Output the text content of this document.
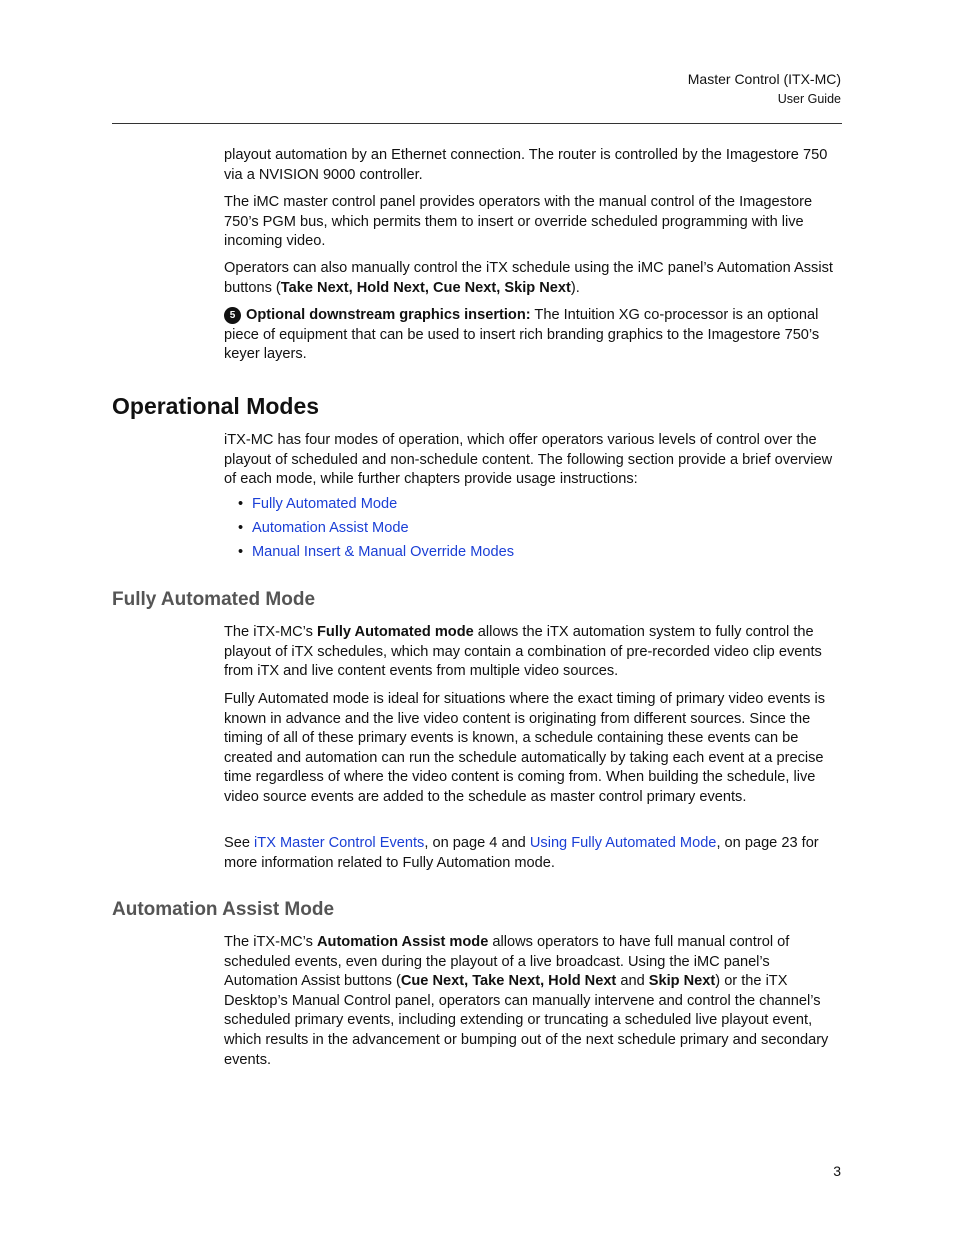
Master Control (ITX-MC)
User Guide
playout automation by an Ethernet connection. The router is controlled by the Imagestore 750 via a NVISION 9000 controller.
The iMC master control panel provides operators with the manual control of the Imagestore 750’s PGM bus, which permits them to insert or override scheduled programming with live incoming video.
Operators can also manually control the iTX schedule using the iMC panel’s Automation Assist buttons (Take Next, Hold Next, Cue Next, Skip Next).
5 Optional downstream graphics insertion: The Intuition XG co-processor is an optional piece of equipment that can be used to insert rich branding graphics to the Imagestore 750’s keyer layers.
Operational Modes
iTX-MC has four modes of operation, which offer operators various levels of control over the playout of scheduled and non-schedule content. The following section provide a brief overview of each mode, while further chapters provide usage instructions:
• Fully Automated Mode
• Automation Assist Mode
• Manual Insert & Manual Override Modes
Fully Automated Mode
The iTX-MC’s Fully Automated mode allows the iTX automation system to fully control the playout of iTX schedules, which may contain a combination of pre-recorded video clip events from iTX and live content events from multiple video sources.
Fully Automated mode is ideal for situations where the exact timing of primary video events is known in advance and the live video content is originating from different sources. Since the timing of all of these primary events is known, a schedule containing these events can be created and automation can run the schedule automatically by taking each event at a precise time regardless of where the video content is coming from. When building the schedule, live video source events are added to the schedule as master control primary events.
See iTX Master Control Events, on page 4 and Using Fully Automated Mode, on page 23 for more information related to Fully Automation mode.
Automation Assist Mode
The iTX-MC’s Automation Assist mode allows operators to have full manual control of scheduled events, even during the playout of a live broadcast. Using the iMC panel’s Automation Assist buttons (Cue Next, Take Next, Hold Next and Skip Next) or the iTX Desktop’s Manual Control panel, operators can manually intervene and control the channel’s scheduled primary events, including extending or truncating a scheduled live playout event, which results in the advancement or bumping out of the next schedule primary and secondary events.
3
